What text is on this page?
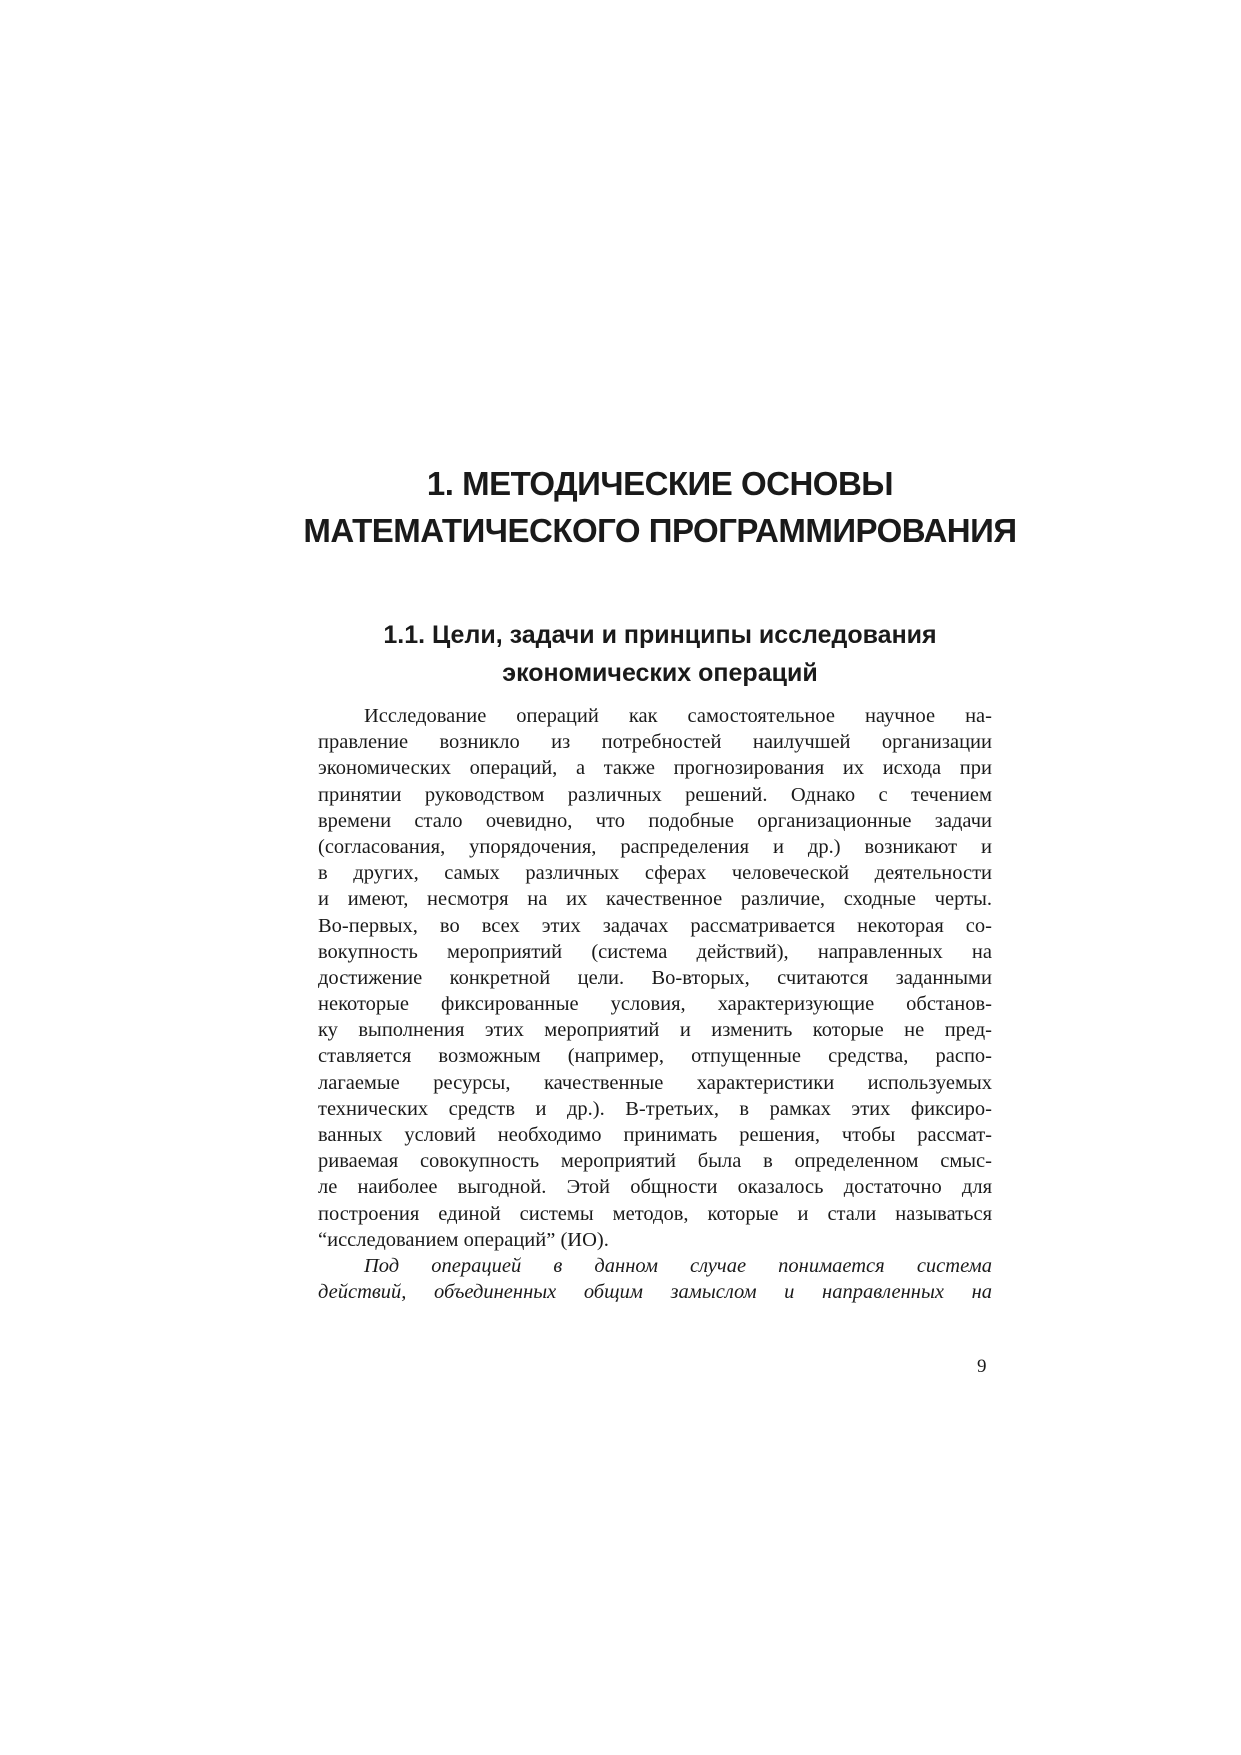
1. МЕТОДИЧЕСКИЕ ОСНОВЫ
МАТЕМАТИЧЕСКОГО ПРОГРАММИРОВАНИЯ
1.1. Цели, задачи и принципы исследования
экономических операций
Исследование операций как самостоятельное научное на-
правление возникло из потребностей наилучшей организации
экономических операций, а также прогнозирования их исхода при
принятии руководством различных решений. Однако с течением
времени стало очевидно, что подобные организационные задачи
(согласования, упорядочения, распределения и др.) возникают и
в других, самых различных сферах человеческой деятельности
и имеют, несмотря на их качественное различие, сходные черты.
Во-первых, во всех этих задачах рассматривается некоторая со-
вокупность мероприятий (система действий), направленных на
достижение конкретной цели. Во-вторых, считаются заданными
некоторые фиксированные условия, характеризующие обстанов-
ку выполнения этих мероприятий и изменить которые не пред-
ставляется возможным (например, отпущенные средства, распо-
лагаемые ресурсы, качественные характеристики используемых
технических средств и др.). В-третьих, в рамках этих фиксиро-
ванных условий необходимо принимать решения, чтобы рассмат-
риваемая совокупность мероприятий была в определенном смыс-
ле наиболее выгодной. Этой общности оказалось достаточно для
построения единой системы методов, которые и стали называться
“исследованием операций” (ИО).
Под операцией в данном случае понимается система
действий, объединенных общим замыслом и направленных на

9
